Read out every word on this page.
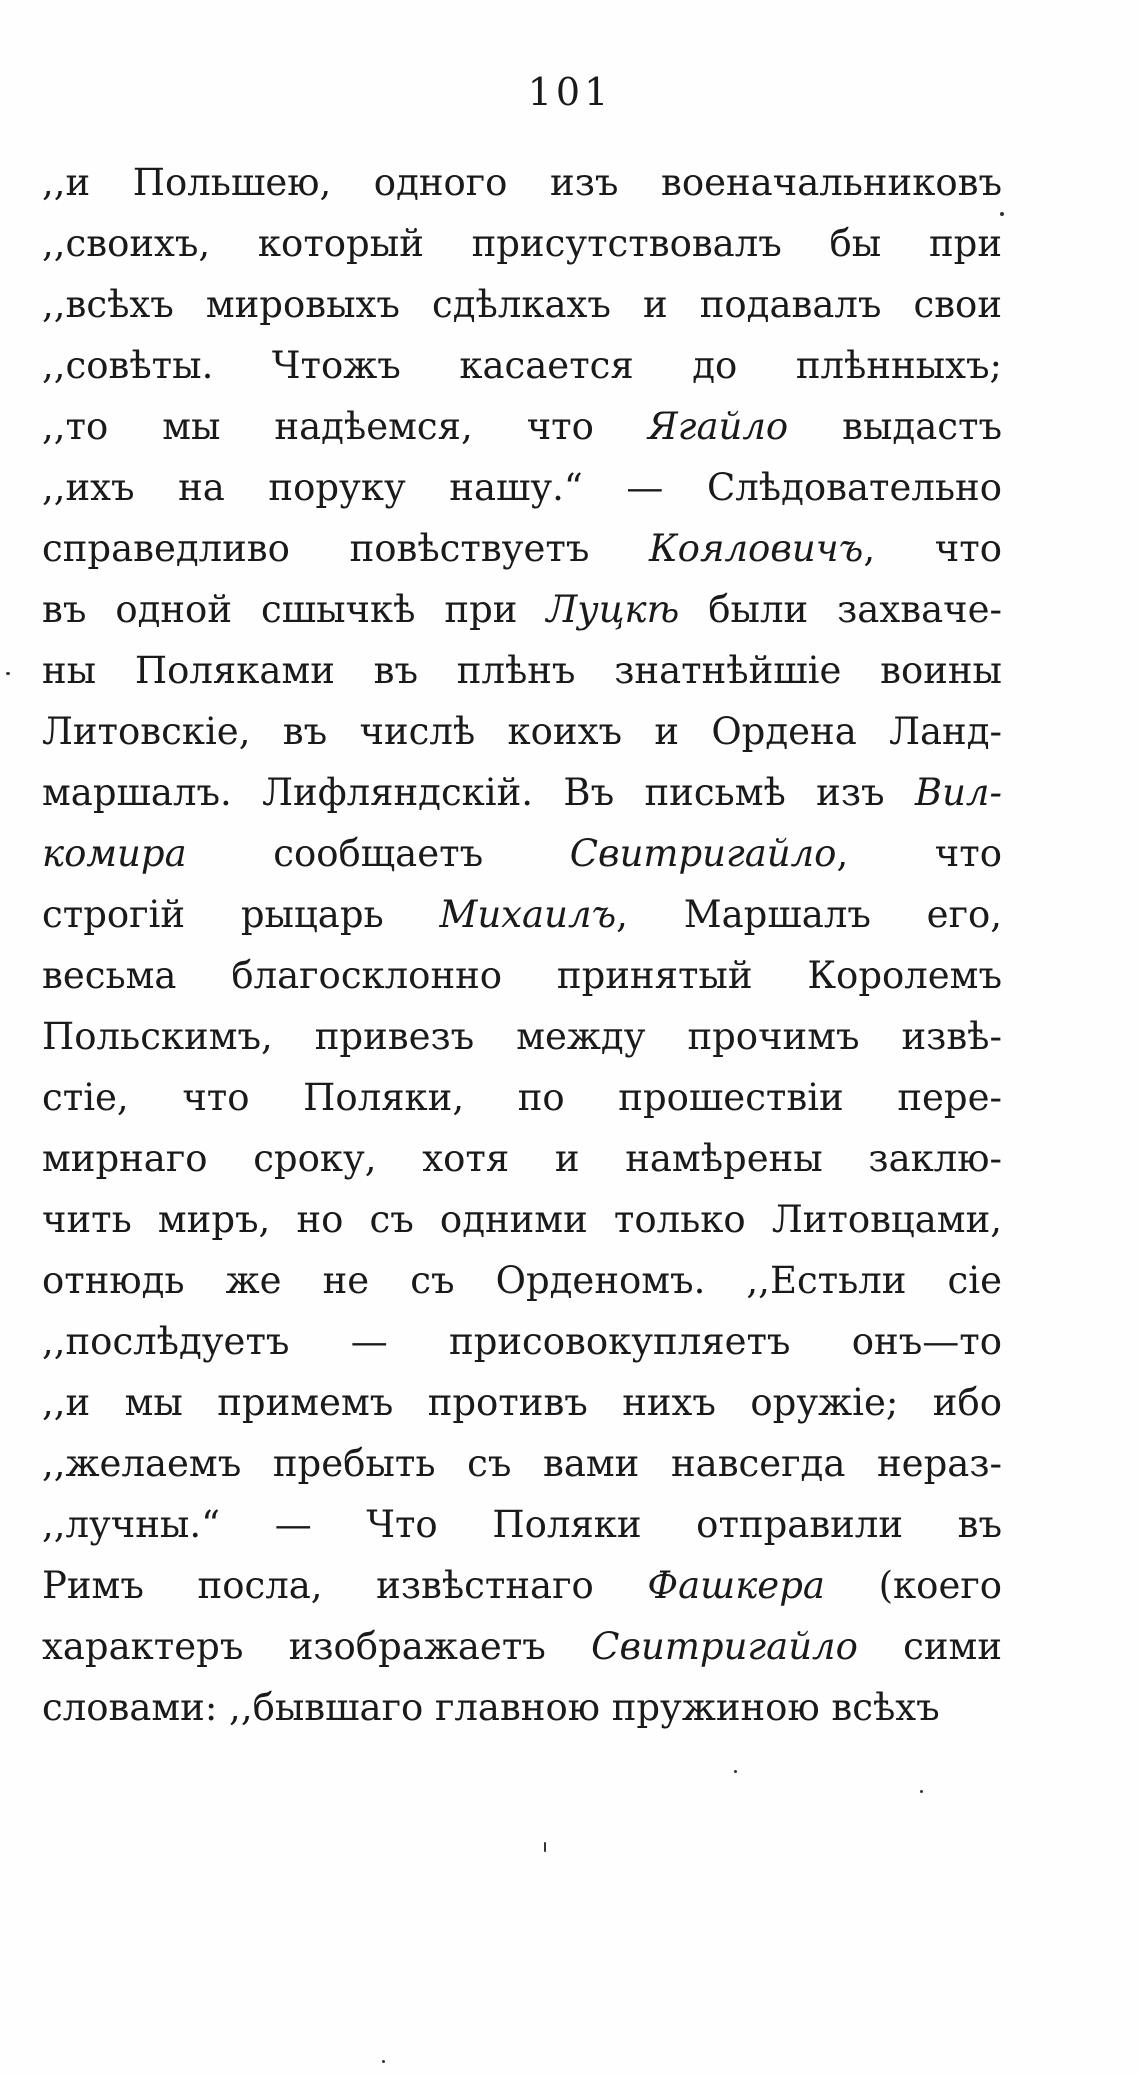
101
,,и Польшею, одного изъ военачальниковъ
,,своихъ, который присутствовалъ бы при
,,всѣхъ мировыхъ сдѣлкахъ и подавалъ свои
,,совѣты. Чтожъ касается до плѣнныхъ;
,,то мы надѣемся, что Ягайло выдастъ
,,ихъ на поруку нашу.“ — Слѣдовательно
справедливо повѣствуетъ Кояловичъ, что
въ одной сшычкѣ при Луцкѣ были захваче-
ны Поляками въ плѣнъ знатнѣйшіе воины
Литовскіе, въ числѣ коихъ и Ордена Ланд-
маршалъ. Лифляндскій. Въ письмѣ изъ Вил-
комира сообщаетъ Свитригайло, что
строгій рыцарь Михаилъ, Маршалъ его,
весьма благосклонно принятый Королемъ
Польскимъ, привезъ между прочимъ извѣ-
стіе, что Поляки, по прошествіи пере-
мирнаго сроку, хотя и намѣрены заклю-
чить миръ, но съ одними только Литовцами,
отнюдь же не съ Орденомъ. ,,Естьли сіе
,,послѣдуетъ — присовокупляетъ онъ—то
,,и мы примемъ противъ нихъ оружіе; ибо
,,желаемъ пребыть съ вами навсегда нераз-
,,лучны.“ — Что Поляки отправили въ
Римъ посла, извѣстнаго Фашкера (коего
характеръ изображаетъ Свитригайло сими
словами: ,,бывшаго главною пружиною всѣхъ
